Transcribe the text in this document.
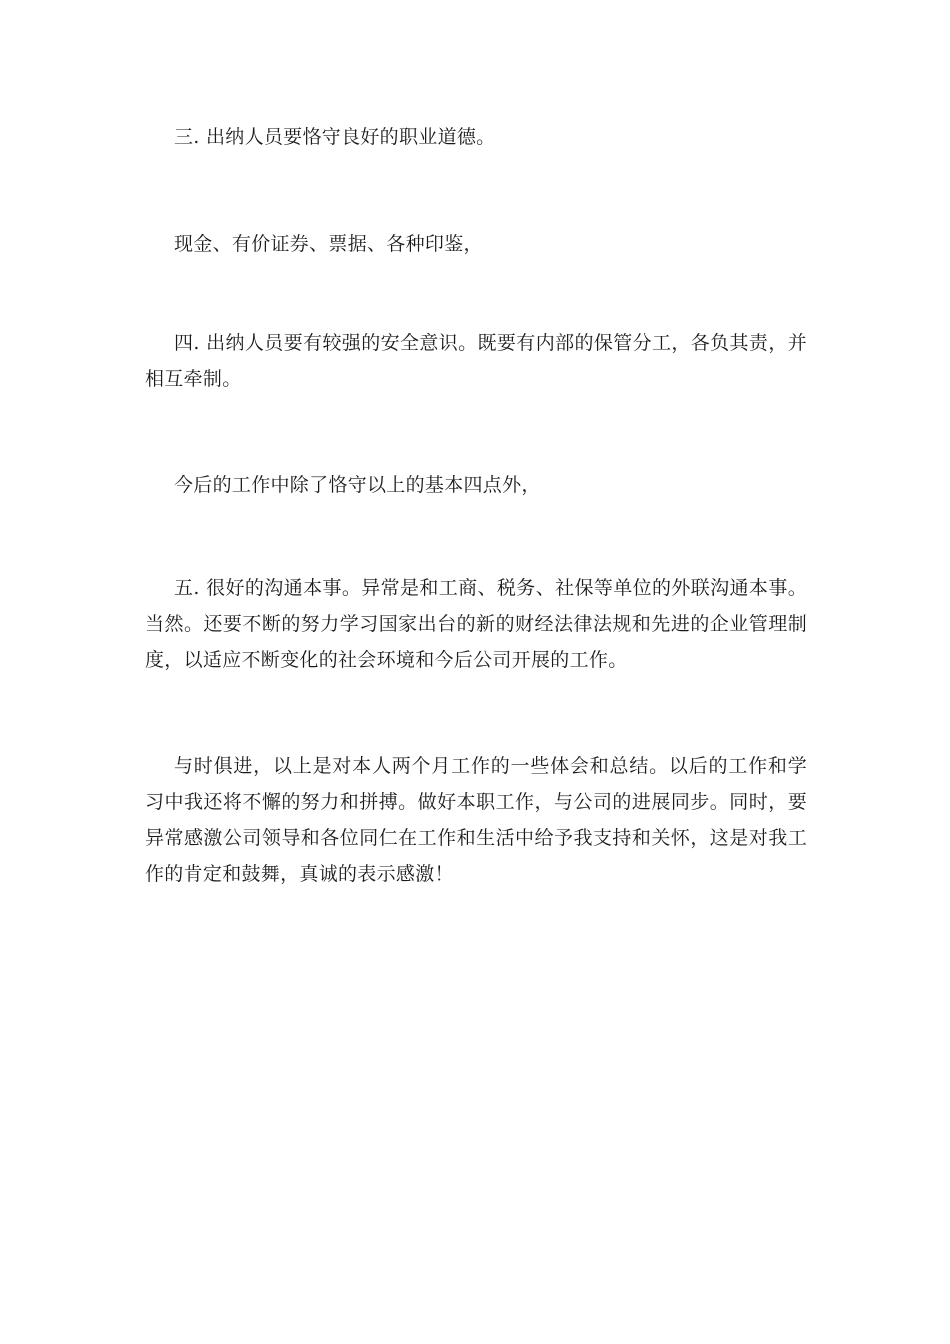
三. 出纳人员要恪守良好的职业道德。

现金、有价证券、票据、各种印鉴，

四. 出纳人员要有较强的安全意识。既要有内部的保管分工，各负其责，并相互牵制。

今后的工作中除了恪守以上的基本四点外，

五. 很好的沟通本事。异常是和工商、税务、社保等单位的外联沟通本事。当然。还要不断的努力学习国家出台的新的财经法律法规和先进的企业管理制度，以适应不断变化的社会环境和今后公司开展的工作。

与时俱进，以上是对本人两个月工作的一些体会和总结。以后的工作和学习中我还将不懈的努力和拼搏。做好本职工作，与公司的进展同步。同时，要异常感激公司领导和各位同仁在工作和生活中给予我支持和关怀，这是对我工作的肯定和鼓舞，真诚的表示感激！
